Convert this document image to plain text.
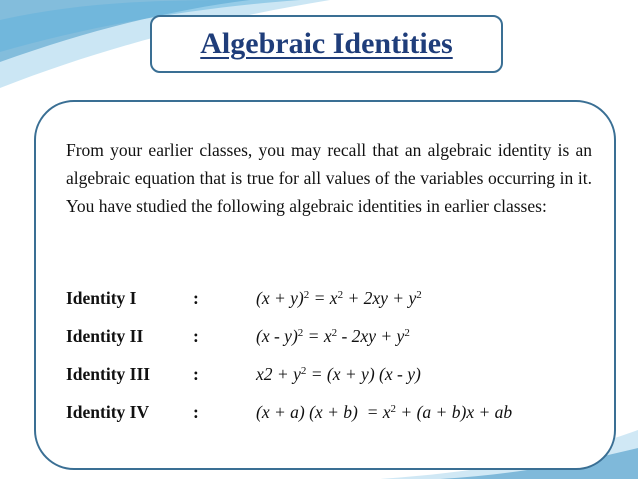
Algebraic Identities
From your earlier classes, you may recall that an algebraic identity is an algebraic equation that is true for all values of the variables occurring in it. You have studied the following algebraic identities in earlier classes:
Identity I	:	$(x + y)^2 = x^2 + 2xy + y^2$
Identity II	:	$(x - y)^2 = x^2 - 2xy + y^2$
Identity III :	$x2 + y^2 = (x + y)$ (x - y)
Identity IV	:	(x + a) $(x + b) = x^2 + (a + b)x$ + ab
